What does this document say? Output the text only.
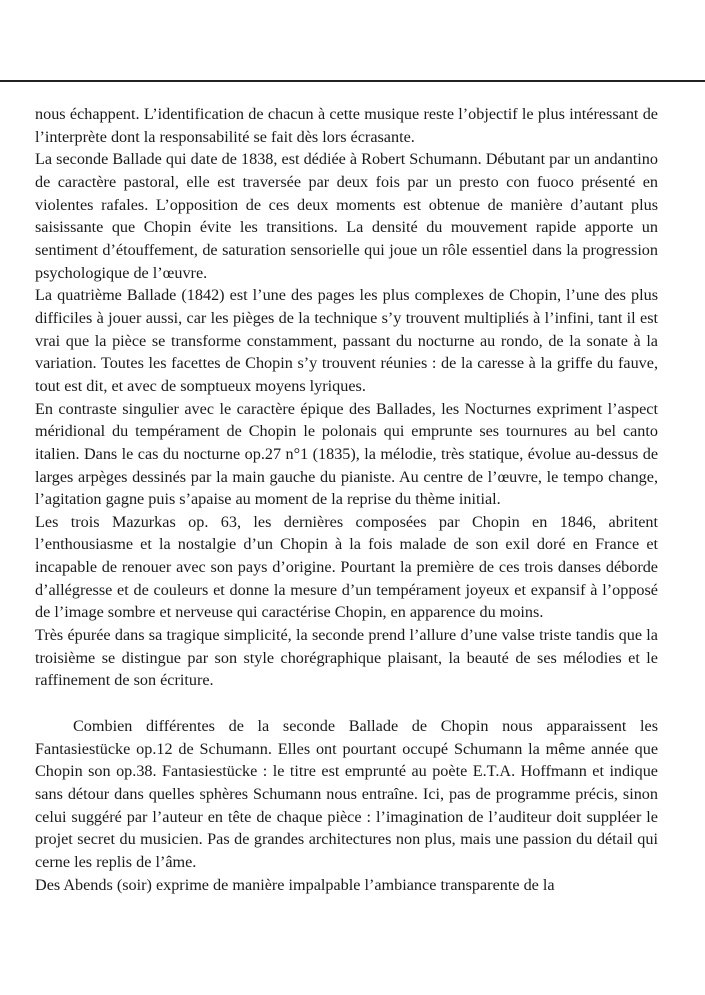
nous échappent. L’identification de chacun à cette musique reste l’objectif le plus intéressant de l’interprète dont la responsabilité se fait dès lors écrasante.

La seconde Ballade qui date de 1838, est dédiée à Robert Schumann. Débutant par un andantino de caractère pastoral, elle est traversée par deux fois par un presto con fuoco présenté en violentes rafales. L’opposition de ces deux moments est obtenue de manière d’autant plus saisissante que Chopin évite les transitions. La densité du mouvement rapide apporte un sentiment d’étouffement, de saturation sensorielle qui joue un rôle essentiel dans la progression psychologique de l’œuvre.

La quatrième Ballade (1842) est l’une des pages les plus complexes de Chopin, l’une des plus difficiles à jouer aussi, car les pièges de la technique s’y trouvent multipliés à l’infini, tant il est vrai que la pièce se transforme constamment, passant du nocturne au rondo, de la sonate à la variation. Toutes les facettes de Chopin s’y trouvent réunies : de la caresse à la griffe du fauve, tout est dit, et avec de somptueux moyens lyriques.

En contraste singulier avec le caractère épique des Ballades, les Nocturnes expriment l’aspect méridional du tempérament de Chopin le polonais qui emprunte ses tournures au bel canto italien. Dans le cas du nocturne op.27 n°1 (1835), la mélodie, très statique, évolue au-dessus de larges arpèges dessinés par la main gauche du pianiste. Au centre de l’œuvre, le tempo change, l’agitation gagne puis s’apaise au moment de la reprise du thème initial.

Les trois Mazurkas op. 63, les dernières composées par Chopin en 1846, abritent l’enthousiasme et la nostalgie d’un Chopin à la fois malade de son exil doré en France et incapable de renouer avec son pays d’origine. Pourtant la première de ces trois danses déborde d’allégresse et de couleurs et donne la mesure d’un tempérament joyeux et expansif à l’opposé de l’image sombre et nerveuse qui caractérise Chopin, en apparence du moins.

Très épurée dans sa tragique simplicité, la seconde prend l’allure d’une valse triste tandis que la troisième se distingue par son style chorégraphique plaisant, la beauté de ses mélodies et le raffinement de son écriture.

Combien différentes de la seconde Ballade de Chopin nous apparaissent les Fantasiestücke op.12 de Schumann. Elles ont pourtant occupé Schumann la même année que Chopin son op.38. Fantasiestücke : le titre est emprunté au poète E.T.A. Hoffmann et indique sans détour dans quelles sphères Schumann nous entraîne. Ici, pas de programme précis, sinon celui suggéré par l’auteur en tête de chaque pièce : l’imagination de l’auditeur doit suppléer le projet secret du musicien. Pas de grandes architectures non plus, mais une passion du détail qui cerne les replis de l’âme.

Des Abends (soir) exprime de manière impalpable l’ambiance transparente de la
